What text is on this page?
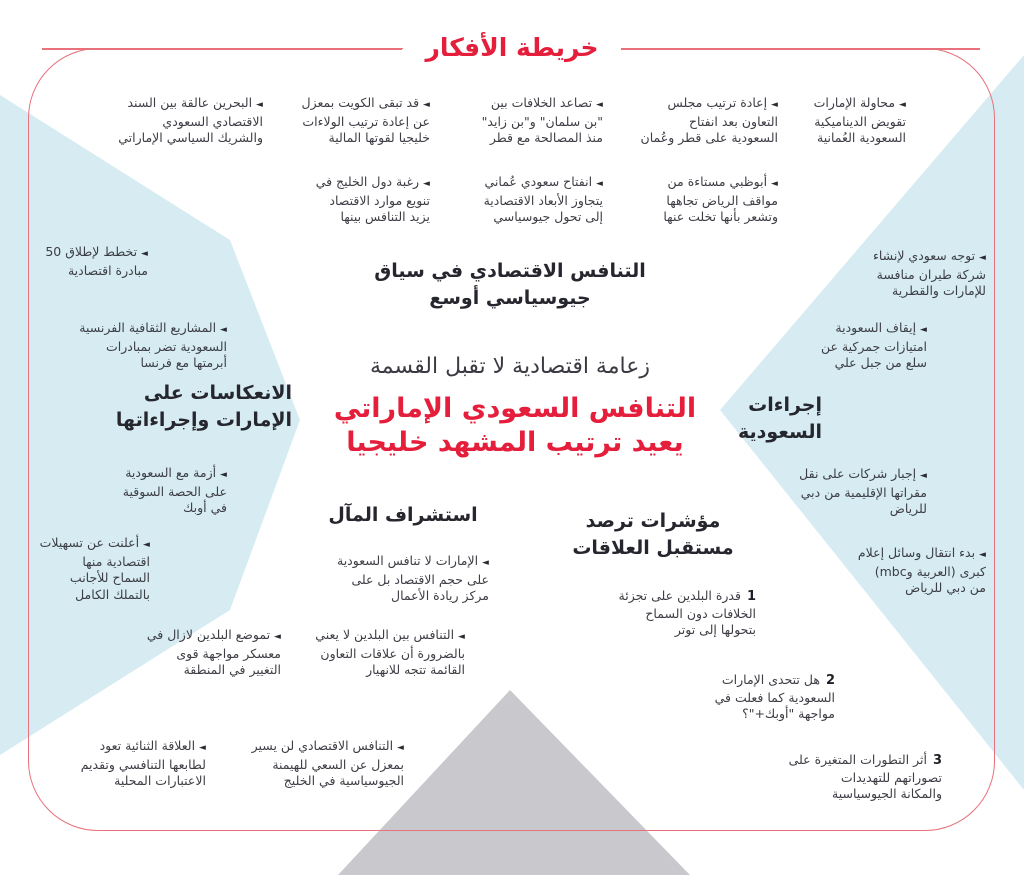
خريطة الأفكار
زعامة اقتصادية لا تقبل القسمة
التنافس السعودي الإماراتي
يعيد ترتيب المشهد خليجيا
التنافس الاقتصادي في سياق
جيوسياسي أوسع
►محاولة الإمارات
تقويض الديناميكية
السعودية العُمانية
►إعادة ترتيب مجلس
التعاون بعد انفتاح
السعودية على قطر وعُمان
►تصاعد الخلافات بين
"بن سلمان" و"بن زايد"
منذ المصالحة مع قطر
►قد تبقى الكويت بمعزل
عن إعادة ترتيب الولاءات
خليجيا لقوتها المالية
►البحرين عالقة بين السند
الاقتصادي السعودي
والشريك السياسي الإماراتي
►أبوظبي مستاءة من
مواقف الرياض تجاهها
وتشعر بأنها تخلت عنها
►انفتاح سعودي عُماني
يتجاوز الأبعاد الاقتصادية
إلى تحول جيوسياسي
►رغبة دول الخليج في
تنويع موارد الاقتصاد
يزيد التنافس بينها
إجراءات
السعودية
►توجه سعودي لإنشاء
شركة طيران منافسة
للإمارات والقطرية
►إيقاف السعودية
امتيازات جمركية عن
سلع من جبل علي
►إجبار شركات على نقل
مقراتها الإقليمية من دبي
للرياض
►بدء انتقال وسائل إعلام
كبرى (العربية وmbc)
من دبي للرياض
الانعكاسات على
الإمارات وإجراءاتها
►تخطط لإطلاق 50
مبادرة اقتصادية
►المشاريع الثقافية الفرنسية
السعودية تضر بمبادرات
أبرمتها مع فرنسا
►أزمة مع السعودية
على الحصة السوقية
في أوبك
►أعلنت عن تسهيلات
اقتصادية منها
السماح للأجانب
بالتملك الكامل
استشراف المآل
►الإمارات لا تنافس السعودية
على حجم الاقتصاد بل على
مركز ريادة الأعمال
►التنافس بين البلدين لا يعني
بالضرورة أن علاقات التعاون
القائمة تتجه للانهيار
►تموضع البلدين لازال في
معسكر مواجهة قوى
التغيير في المنطقة
►التنافس الاقتصادي لن يسير
بمعزل عن السعي للهيمنة
الجيوسياسية في الخليج
►العلاقة الثنائية تعود
لطابعها التنافسي وتقديم
الاعتبارات المحلية
مؤشرات ترصد
مستقبل العلاقات
1قدرة البلدين على تجزئة
الخلافات دون السماح
بتحولها إلى توتر
2هل تتحدى الإمارات
السعودية كما فعلت في
مواجهة "أوبك+"؟
3أثر التطورات المتغيرة على
تصوراتهم للتهديدات
والمكانة الجيوسياسية
